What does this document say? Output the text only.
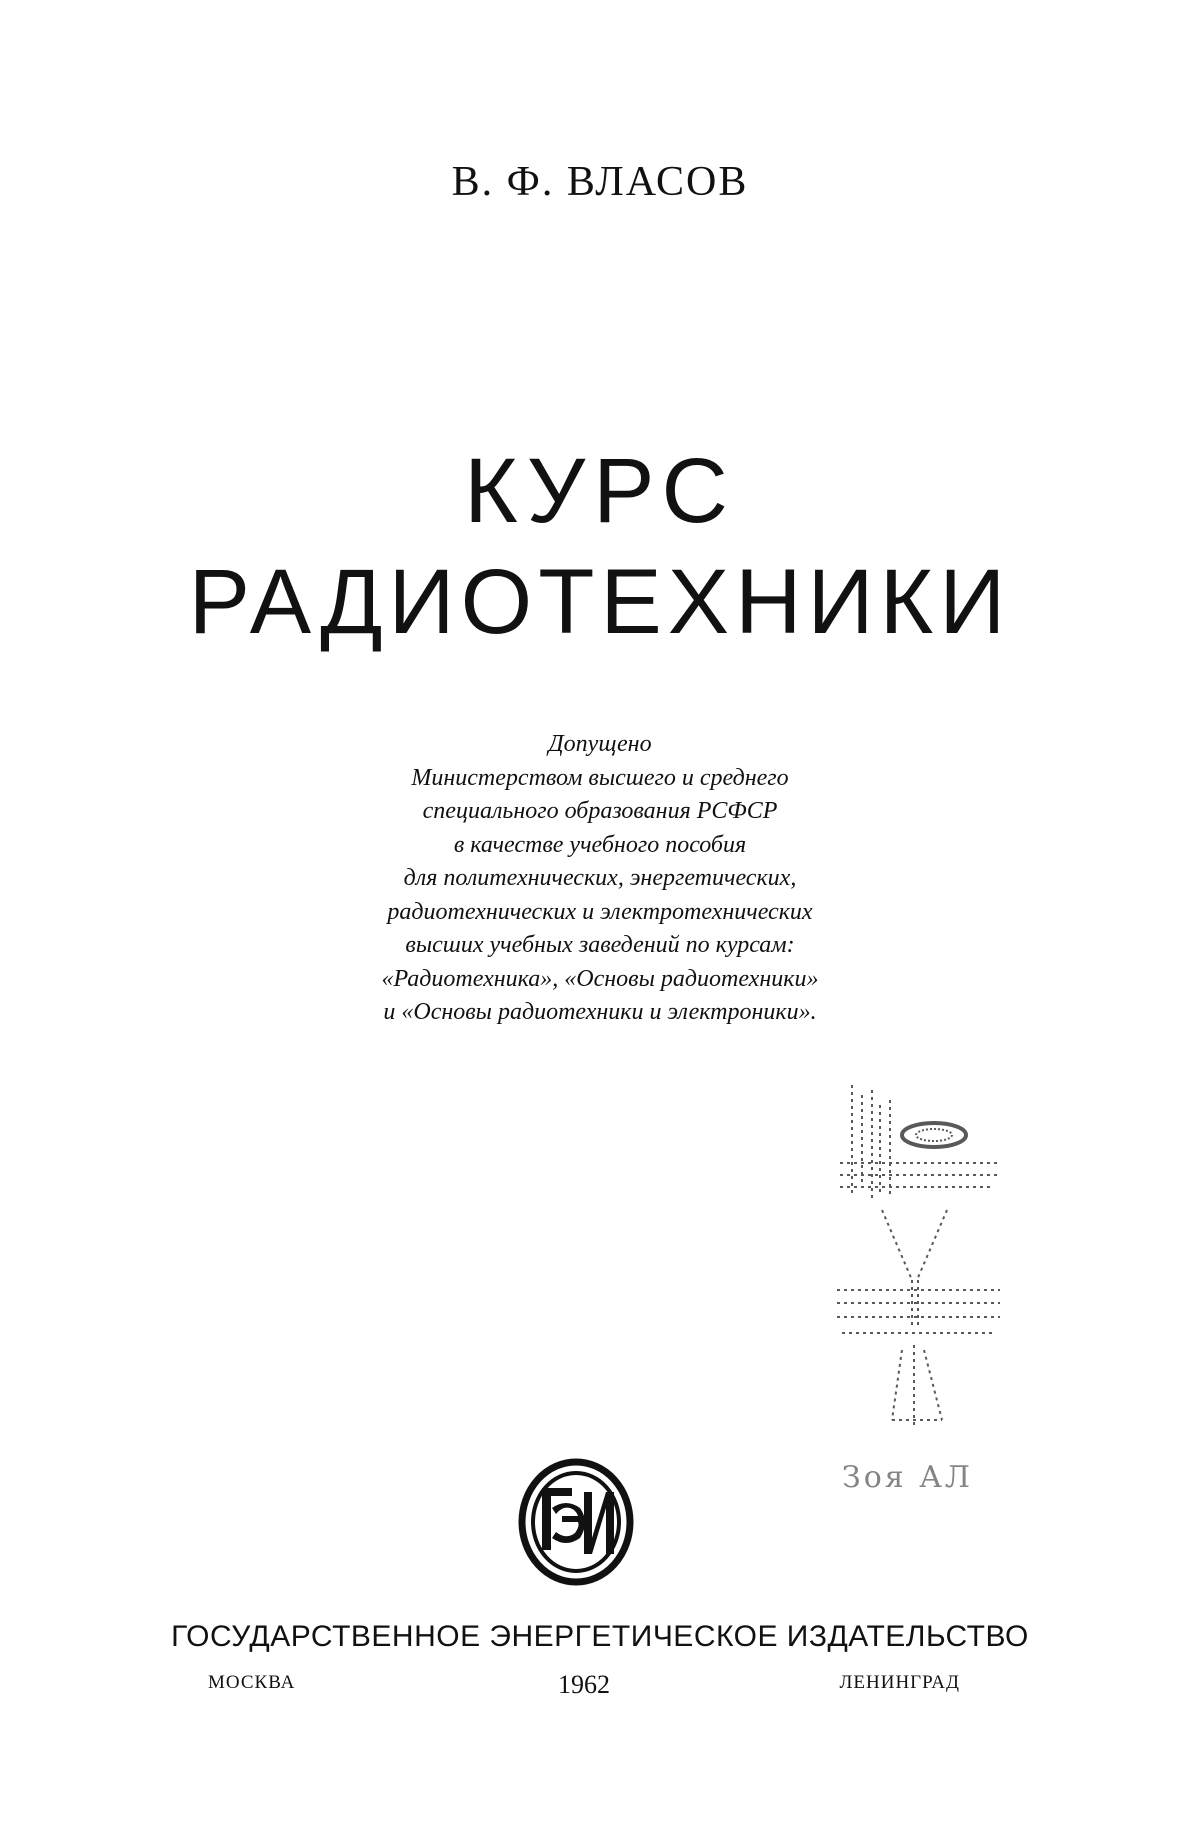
В. Ф. ВЛАСОВ
КУРС
РАДИОТЕХНИКИ
Допущено
Министерством высшего и среднего
специального образования РСФСР
в качестве учебного пособия
для политехнических, энергетических,
радиотехнических и электротехнических
высших учебных заведений по курсам:
«Радиотехника», «Основы радиотехники»
и «Основы радиотехники и электроники».
Зоя АЛ
ГОСУДАРСТВЕННОЕ ЭНЕРГЕТИЧЕСКОЕ ИЗДАТЕЛЬСТВО
МОСКВА	1962	ЛЕНИНГРАД
